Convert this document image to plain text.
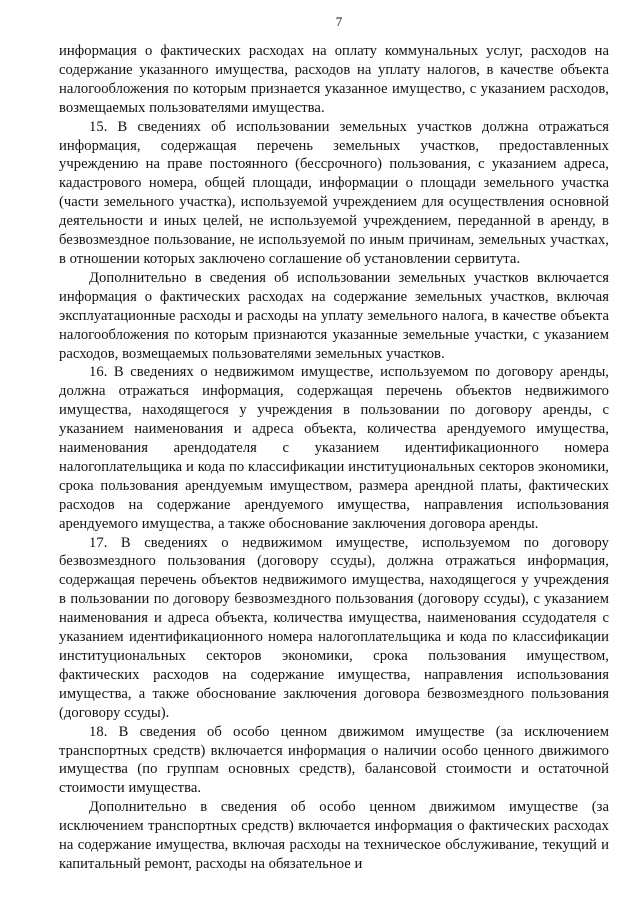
7

информация о фактических расходах на оплату коммунальных услуг, расходов на содержание указанного имущества, расходов на уплату налогов, в качестве объекта налогообложения по которым признается указанное имущество, с указанием расходов, возмещаемых пользователями имущества.

15. В сведениях об использовании земельных участков должна отражаться информация, содержащая перечень земельных участков, предоставленных учреждению на праве постоянного (бессрочного) пользования, с указанием адреса, кадастрового номера, общей площади, информации о площади земельного участка (части земельного участка), используемой учреждением для осуществления основной деятельности и иных целей, не используемой учреждением, переданной в аренду, в безвозмездное пользование, не используемой по иным причинам, земельных участках, в отношении которых заключено соглашение об установлении сервитута.

Дополнительно в сведения об использовании земельных участков включается информация о фактических расходах на содержание земельных участков, включая эксплуатационные расходы и расходы на уплату земельного налога, в качестве объекта налогообложения по которым признаются указанные земельные участки, с указанием расходов, возмещаемых пользователями земельных участков.

16. В сведениях о недвижимом имуществе, используемом по договору аренды, должна отражаться информация, содержащая перечень объектов недвижимого имущества, находящегося у учреждения в пользовании по договору аренды, с указанием наименования и адреса объекта, количества арендуемого имущества, наименования арендодателя с указанием идентификационного номера налогоплательщика и кода по классификации институциональных секторов экономики, срока пользования арендуемым имуществом, размера арендной платы, фактических расходов на содержание арендуемого имущества, направления использования арендуемого имущества, а также обоснование заключения договора аренды.

17. В сведениях о недвижимом имуществе, используемом по договору безвозмездного пользования (договору ссуды), должна отражаться информация, содержащая перечень объектов недвижимого имущества, находящегося у учреждения в пользовании по договору безвозмездного пользования (договору ссуды), с указанием наименования и адреса объекта, количества имущества, наименования ссудодателя с указанием идентификационного номера налогоплательщика и кода по классификации институциональных секторов экономики, срока пользования имуществом, фактических расходов на содержание имущества, направления использования имущества, а также обоснование заключения договора безвозмездного пользования (договору ссуды).

18. В сведения об особо ценном движимом имуществе (за исключением транспортных средств) включается информация о наличии особо ценного движимого имущества (по группам основных средств), балансовой стоимости и остаточной стоимости имущества.

Дополнительно в сведения об особо ценном движимом имуществе (за исключением транспортных средств) включается информация о фактических расходах на содержание имущества, включая расходы на техническое обслуживание, текущий и капитальный ремонт, расходы на обязательное и
